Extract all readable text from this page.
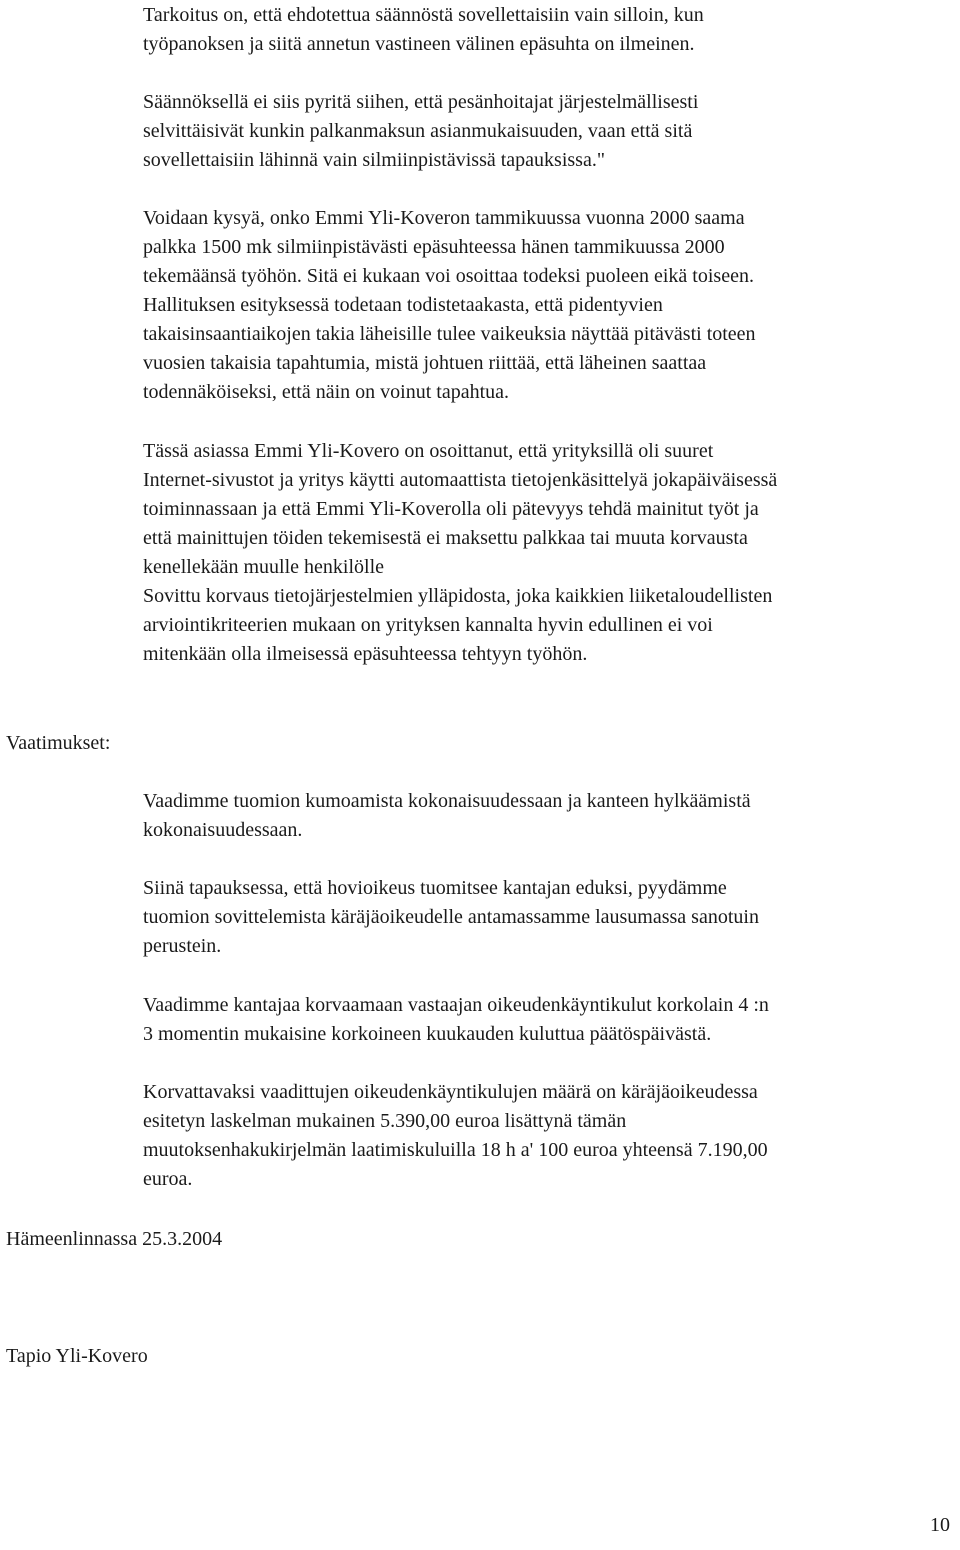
Tarkoitus on, että ehdotettua säännöstä sovellettaisiin vain silloin, kun
työpanoksen ja siitä annetun vastineen välinen epäsuhta on ilmeinen.
Säännöksellä ei siis pyritä siihen, että pesänhoitajat järjestelmällisesti
selvittäisivät kunkin palkanmaksun asianmukaisuuden, vaan että sitä
sovellettaisiin lähinnä vain silmiinpistävissä tapauksissa."
Voidaan kysyä, onko Emmi Yli-Koveron tammikuussa vuonna 2000 saama
palkka 1500 mk silmiinpistävästi epäsuhteessa hänen tammikuussa 2000
tekemäänsä työhön. Sitä ei kukaan voi osoittaa todeksi puoleen eikä toiseen.
Hallituksen esityksessä todetaan todistetaakasta, että pidentyvien
takaisinsaantiaikojen takia läheisille tulee vaikeuksia näyttää pitävästi toteen
vuosien takaisia tapahtumia, mistä johtuen riittää, että läheinen saattaa
todennäköiseksi, että näin on voinut tapahtua.
Tässä asiassa Emmi Yli-Kovero on osoittanut, että yrityksillä oli suuret
Internet-sivustot ja yritys käytti automaattista tietojenkäsittelyä jokapäiväisessä
toiminnassaan ja että Emmi Yli-Koverolla oli pätevyys tehdä mainitut työt ja
että mainittujen töiden tekemisestä ei maksettu palkkaa tai muuta korvausta
kenellekään muulle henkilölle
Sovittu korvaus tietojärjestelmien ylläpidosta, joka kaikkien liiketaloudellisten
arviointikriteerien mukaan on yrityksen kannalta hyvin edullinen ei voi
mitenkään olla ilmeisessä epäsuhteessa tehtyyn työhön.
Vaatimukset:
Vaadimme tuomion kumoamista kokonaisuudessaan ja kanteen hylkäämistä
kokonaisuudessaan.
Siinä tapauksessa, että hovioikeus tuomitsee kantajan eduksi, pyydämme
tuomion sovittelemista käräjäoikeudelle antamassamme lausumassa sanotuin
perustein.
Vaadimme kantajaa korvaamaan vastaajan oikeudenkäyntikulut korkolain 4 :n
3 momentin mukaisine korkoineen kuukauden kuluttua päätöspäivästä.
Korvattavaksi vaadittujen oikeudenkäyntikulujen määrä on käräjäoikeudessa
esitetyn laskelman mukainen 5.390,00 euroa lisättynä tämän
muutoksenhakukirjelmän laatimiskuluilla 18 h a' 100 euroa yhteensä 7.190,00
euroa.
Hämeenlinnassa 25.3.2004
Tapio Yli-Kovero
10
